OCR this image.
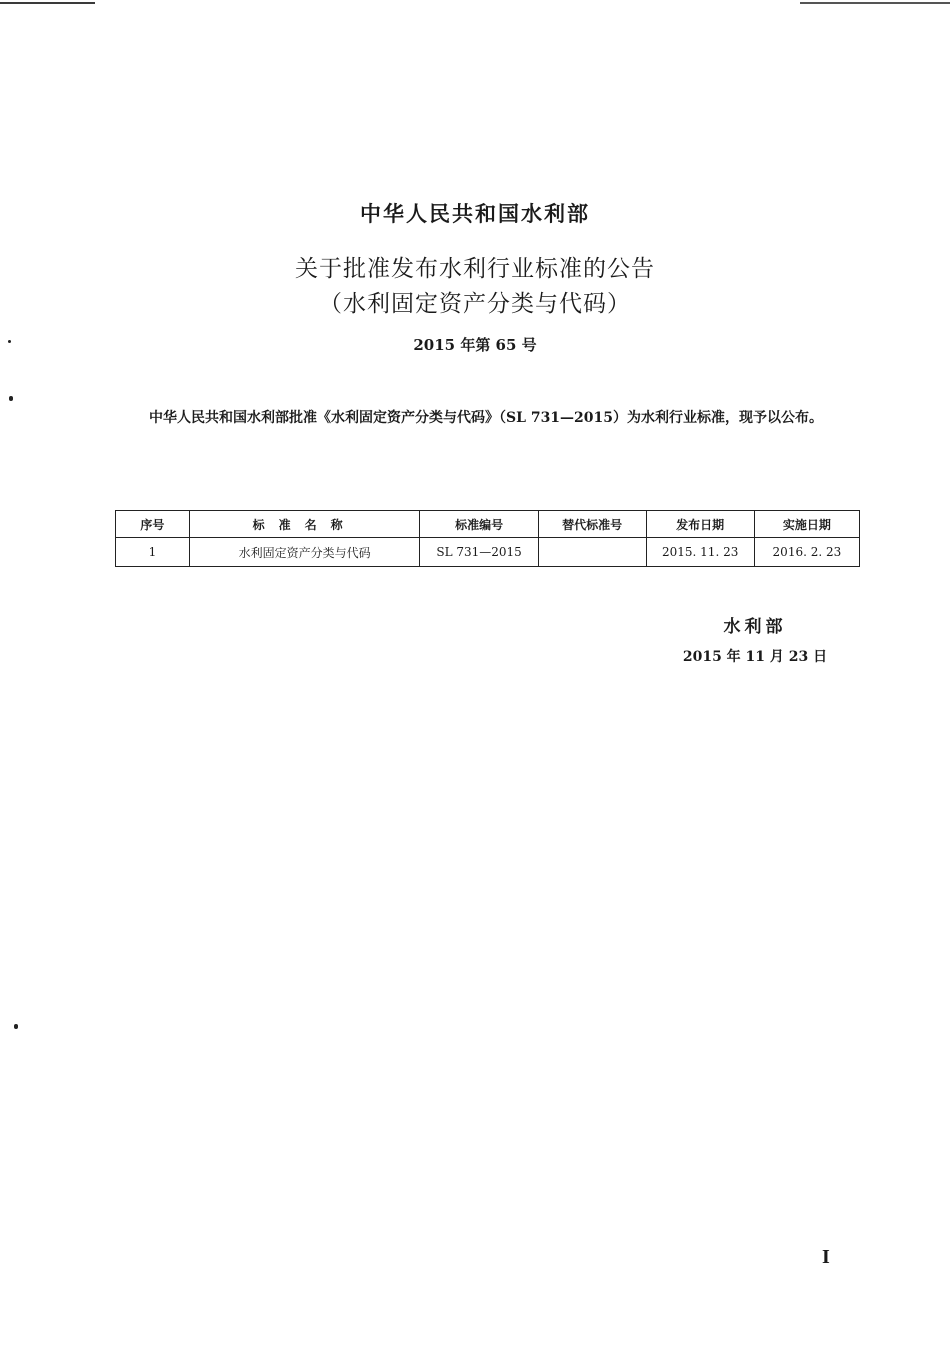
中华人民共和国水利部
关于批准发布水利行业标准的公告
（水利固定资产分类与代码）
2015 年第 65 号
中华人民共和国水利部批准《水利固定资产分类与代码》（SL 731—2015）为水利行业标准，现予以公布。
序号	标准名称	标准编号	替代标准号	发布日期	实施日期
1	水利固定资产分类与代码	SL 731—2015		2015. 11. 23	2016. 2. 23
水利部
2015 年 11 月 23 日
I
